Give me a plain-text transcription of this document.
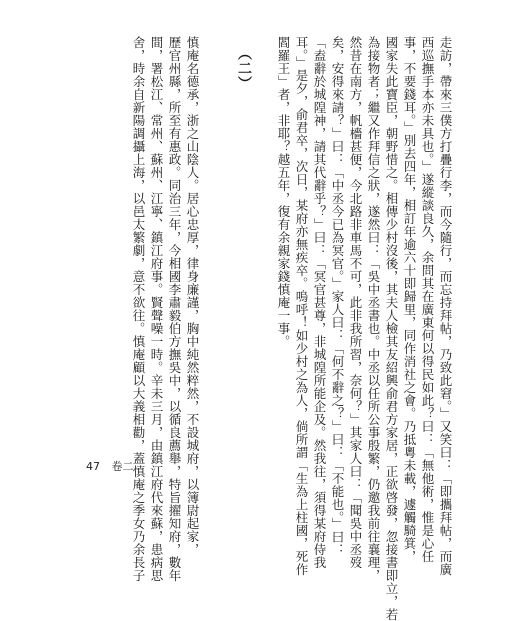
走訪，帶來三僕方打疊行李，而今隨行，而忘持拜帖，乃致此窘。」又笑曰：「即攜拜帖，而廣
西巡撫手本亦未具也。」遂縱談良久，余問其在廣東何以得民如此？曰：「無他術，惟是心任
事，不要錢耳。」別去四年，相訂年逾六十即歸里，同作消社之會。乃抵粵未載，遽觸騎箕，
國家失此寶臣，朝野惜之。相傳少村沒後，其夫人檢其友紹興俞君方家居，正欲啓發，忽接書即立，若
為接物者；繼又作拜信之狀，遂然曰：「吳中丞書也。中丞以任所公事殷繁，仍邀我前往襄理，
然昔在南方，帆檣甚便，今北路非車馬不可，此非我所習，奈何？」其家人曰：「聞吳中丞歿
矣，安得來請？」曰：「中丞今已為冥官。」家人曰：「何不辭之？」曰：「不能也。」曰：
「盍辭於城隍神，請其代辭乎？」曰：「冥官甚尊，非城隍所能企及。然我往，須得某府侍我
耳。」是夕，俞君卒，次日，某府亦無疾卒。嗚呼！如少村之為人，倘所謂「生為上柱國，死作
閻羅王」者，非耶？越五年，復有余親家錢慎庵一事。
（二）
慎庵名德承，浙之山陰人。居心忠厚，律身廉謹，胸中純然粹然，不設城府，以簿尉起家，
歷官州縣，所至有惠政。同治三年，今相國李肅毅伯方撫吳中，以循良薦舉，特旨擢知府，數年
間，署松江、常州、蘇州、江寧、鎮江府事。賢聲噪一時。辛未三月，由鎮江府代來蘇，患病思
舍，時余自新陽調攝上海，以邑太繁劇，意不欲往。慎庵顧以大義相勸，蓋慎庵之季女乃余長子
47 卷二
